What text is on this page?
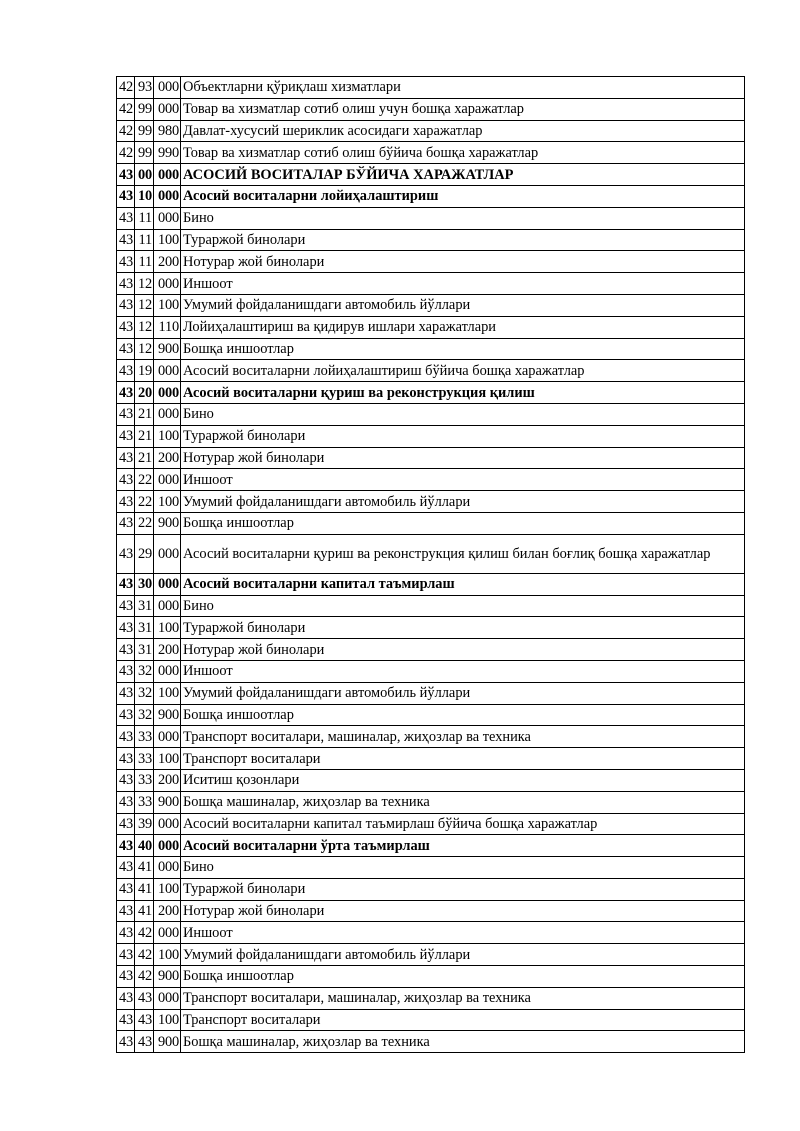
42	93	000	Объектларни қўриқлаш хизматлари
42	99	000	Товар ва хизматлар сотиб олиш учун бошқа харажатлар
42	99	980	Давлат-хусусий шериклик асосидаги харажатлар
42	99	990	Товар ва хизматлар сотиб олиш бўйича бошқа харажатлар
43	00	000	АСОСИЙ ВОСИТАЛАР БЎЙИЧА ХАРАЖАТЛАР
43	10	000	Асосий воситаларни лойиҳалаштириш
43	11	000	Бино
43	11	100	Тураржой бинолари
43	11	200	Нотурар жой бинолари
43	12	000	Иншоот
43	12	100	Умумий фойдаланишдаги автомобиль йўллари
43	12	110	Лойиҳалаштириш ва қидирув ишлари харажатлари
43	12	900	Бошқа иншоотлар
43	19	000	Асосий воситаларни лойиҳалаштириш бўйича бошқа харажатлар
43	20	000	Асосий воситаларни қуриш ва реконструкция қилиш
43	21	000	Бино
43	21	100	Тураржой бинолари
43	21	200	Нотурар жой бинолари
43	22	000	Иншоот
43	22	100	Умумий фойдаланишдаги автомобиль йўллари
43	22	900	Бошқа иншоотлар
43	29	000	Асосий воситаларни қуриш ва реконструкция қилиш билан боғлиқ бошқа харажатлар
43	30	000	Асосий воситаларни капитал таъмирлаш
43	31	000	Бино
43	31	100	Тураржой бинолари
43	31	200	Нотурар жой бинолари
43	32	000	Иншоот
43	32	100	Умумий фойдаланишдаги автомобиль йўллари
43	32	900	Бошқа иншоотлар
43	33	000	Транспорт воситалари, машиналар, жиҳозлар ва техника
43	33	100	Транспорт воситалари
43	33	200	Иситиш қозонлари
43	33	900	Бошқа машиналар, жиҳозлар ва техника
43	39	000	Асосий воситаларни капитал таъмирлаш бўйича бошқа харажатлар
43	40	000	Асосий воситаларни ўрта таъмирлаш
43	41	000	Бино
43	41	100	Тураржой бинолари
43	41	200	Нотурар жой бинолари
43	42	000	Иншоот
43	42	100	Умумий фойдаланишдаги автомобиль йўллари
43	42	900	Бошқа иншоотлар
43	43	000	Транспорт воситалари, машиналар, жиҳозлар ва техника
43	43	100	Транспорт воситалари
43	43	900	Бошқа машиналар, жиҳозлар ва техника
